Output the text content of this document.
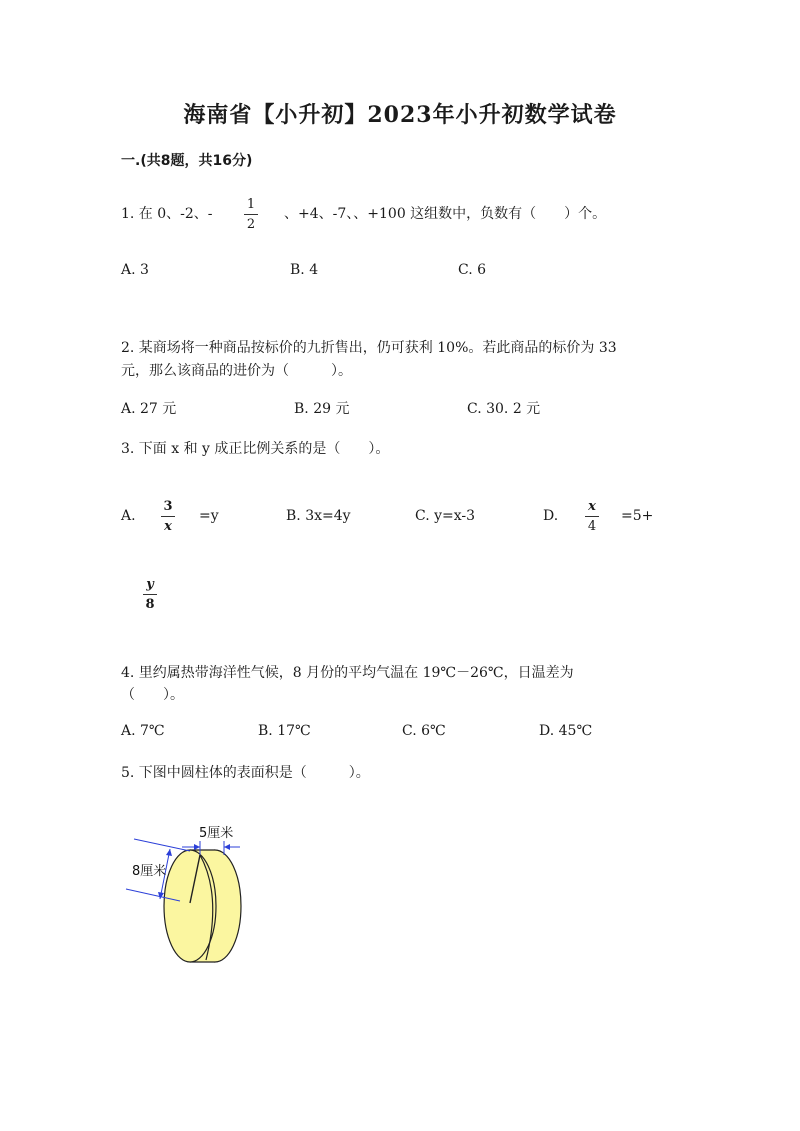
海南省【小升初】2023年小升初数学试卷
一.(共8题，共16分)
1. 在 0、-2、-
1
2
、+4、-7、、+100 这组数中，负数有（　　）个。
A. 3	B. 4	C. 6
2. 某商场将一种商品按标价的九折售出，仍可获利 10%。若此商品的标价为 33
元，那么该商品的进价为（　　　）。
A. 27 元	B. 29 元	C. 30. 2 元
3. 下面 x 和 y 成正比例关系的是（　　）。
A.
3
x
=y	B. 3x=4y	C. y=x-3	D.
x
4
=5+
y
8
4. 里约属热带海洋性气候，8 月份的平均气温在 19℃－26℃，日温差为
（　　）。
A. 7℃	B. 17℃	C. 6℃	D. 45℃
5. 下图中圆柱体的表面积是（　　　）。
5厘米
8厘米
